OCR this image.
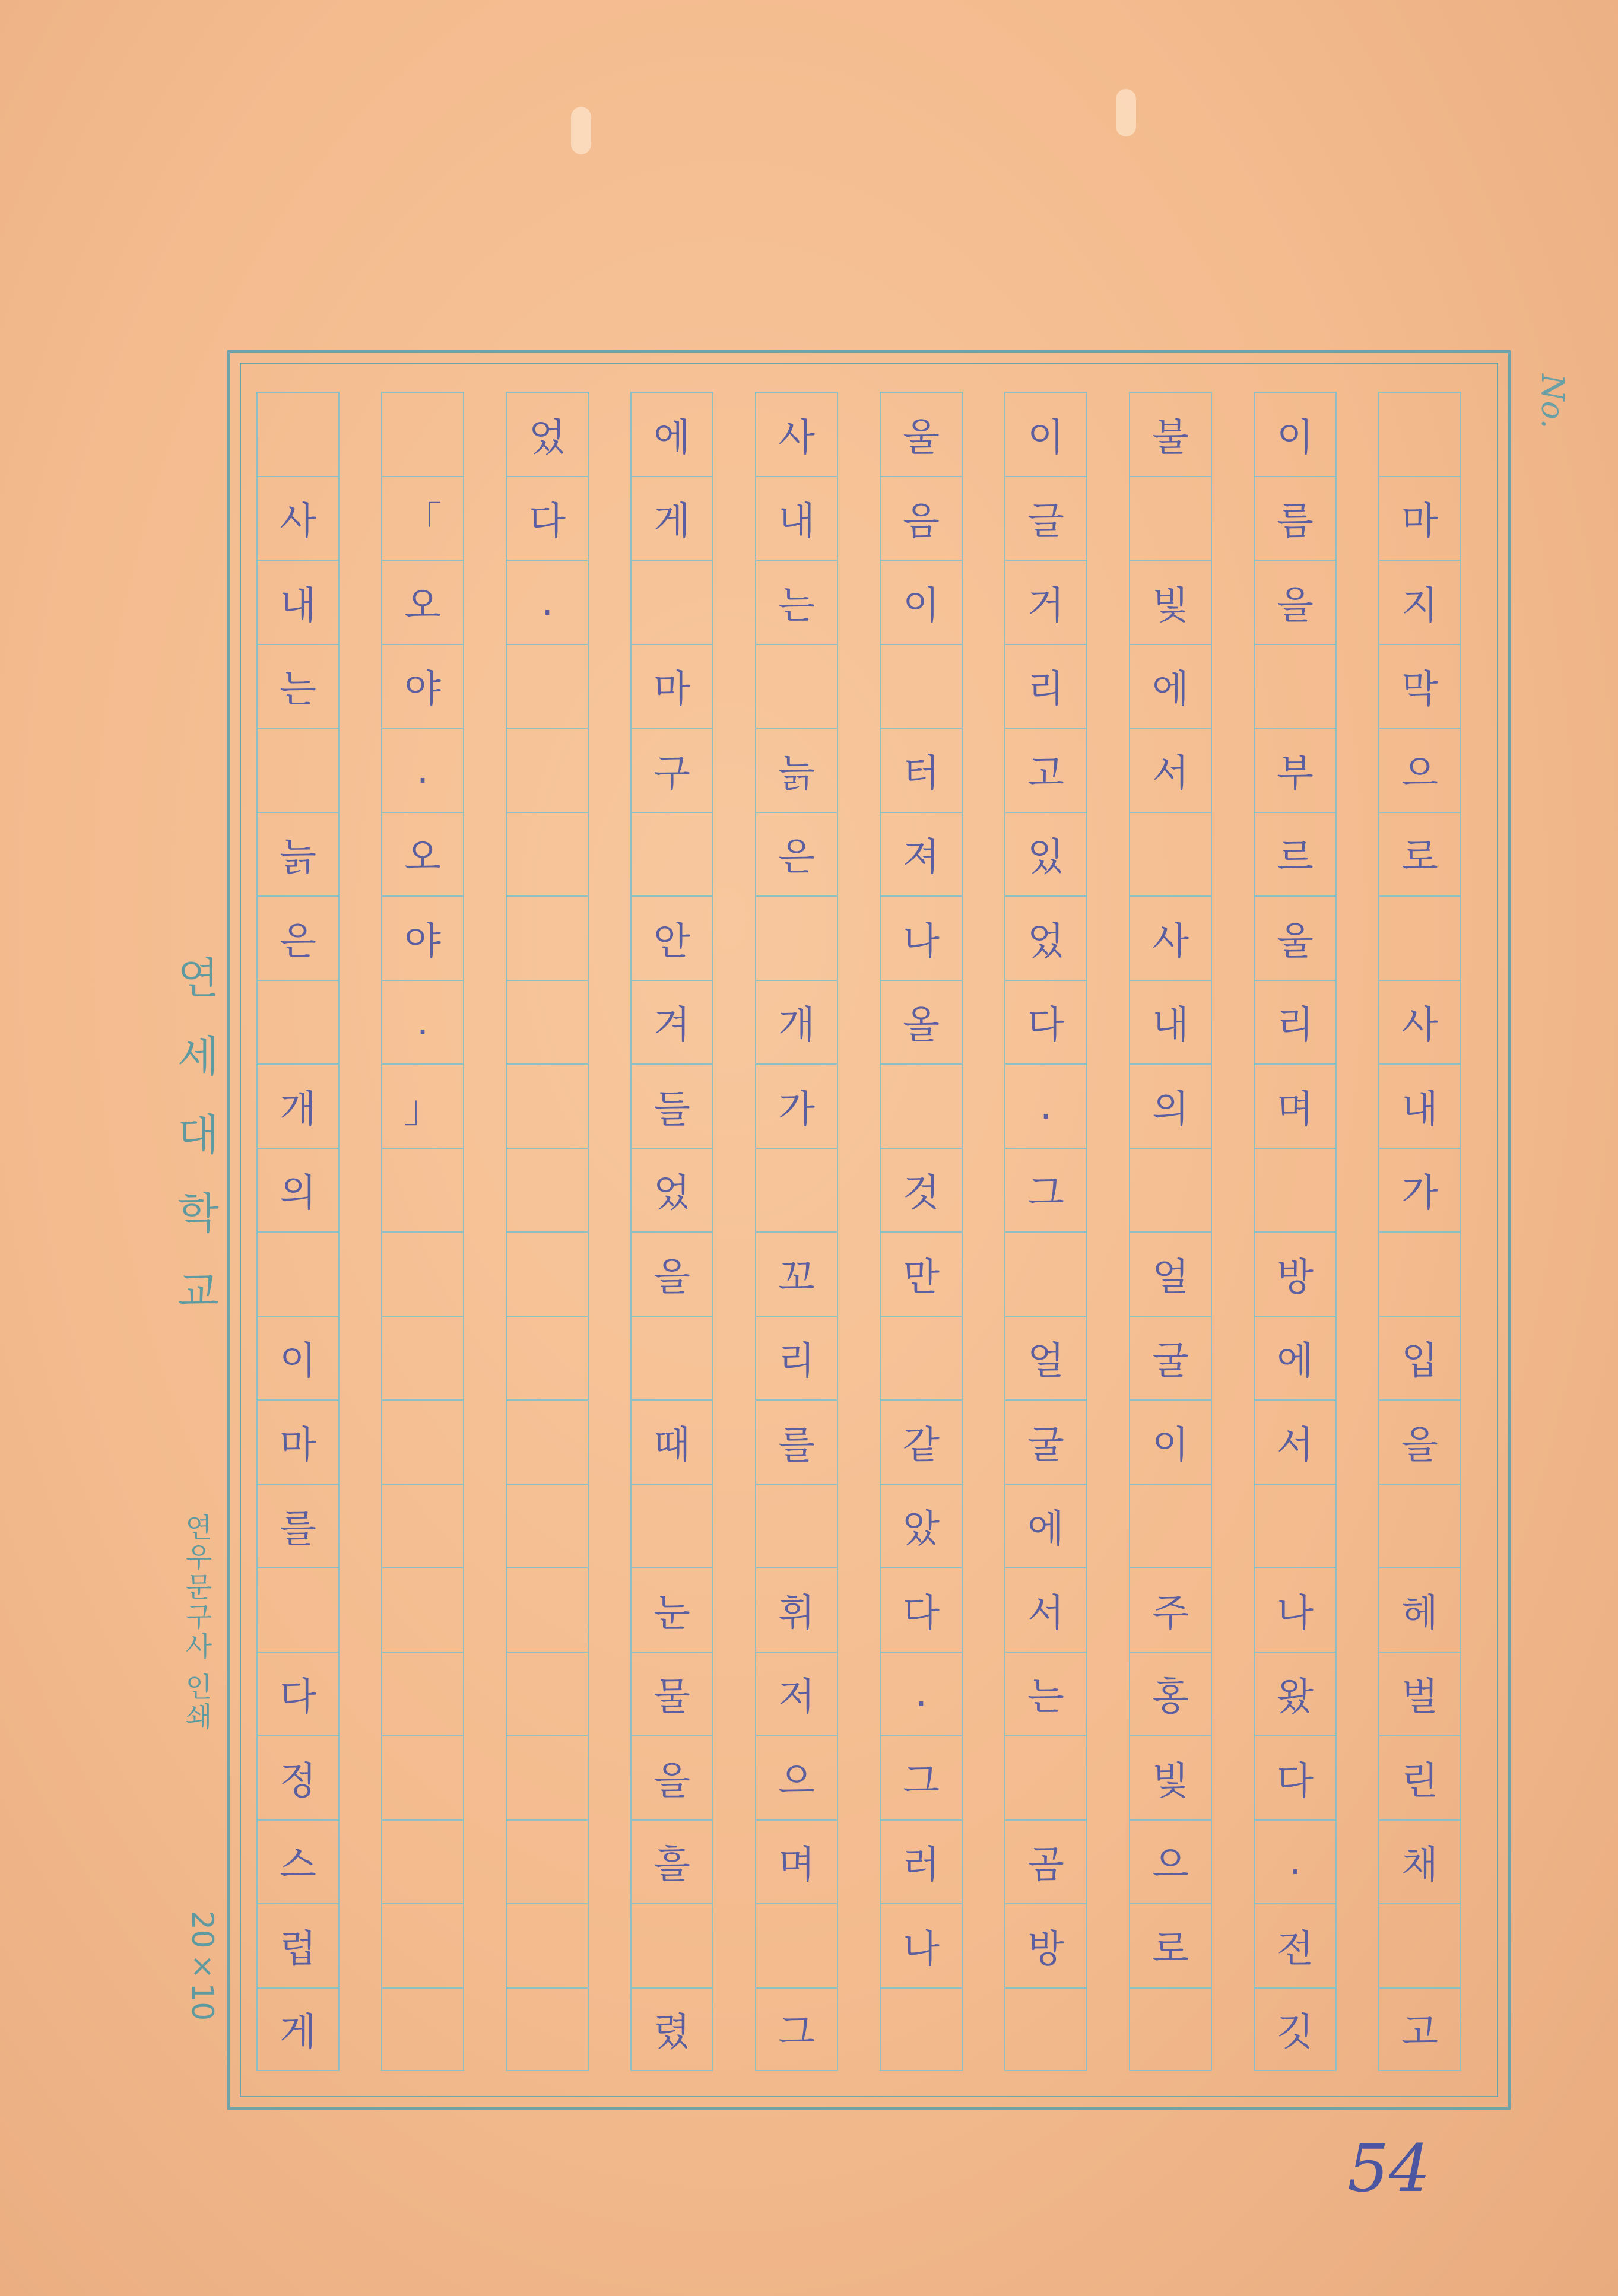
No.
마
지
막
으
로
사
내
가
입
을
헤
벌
린
채
고
이
름
을
부
르
울
리
며
방
에
서
나
왔
다
.
전
깃
불
빛
에
서
사
내
의
얼
굴
이
주
홍
빛
으
로
이
글
거
리
고
있
었
다
.
그
얼
굴
에
서
는
곰
방
울
음
이
터
져
나
올
것
만
같
았
다
.
그
러
나
사
내
는
늙
은
개
가
꼬
리
를
휘
저
으
며
그
에
게
마
구
안
겨
들
었
을
때
눈
물
을
흘
렸
었
다
.
「
오
야
.
오
야
.
」
사
내
는
늙
은
개
의
이
마
를
다
정
스
럽
게
연세대학교
연우문구사 인쇄
20×10
54
